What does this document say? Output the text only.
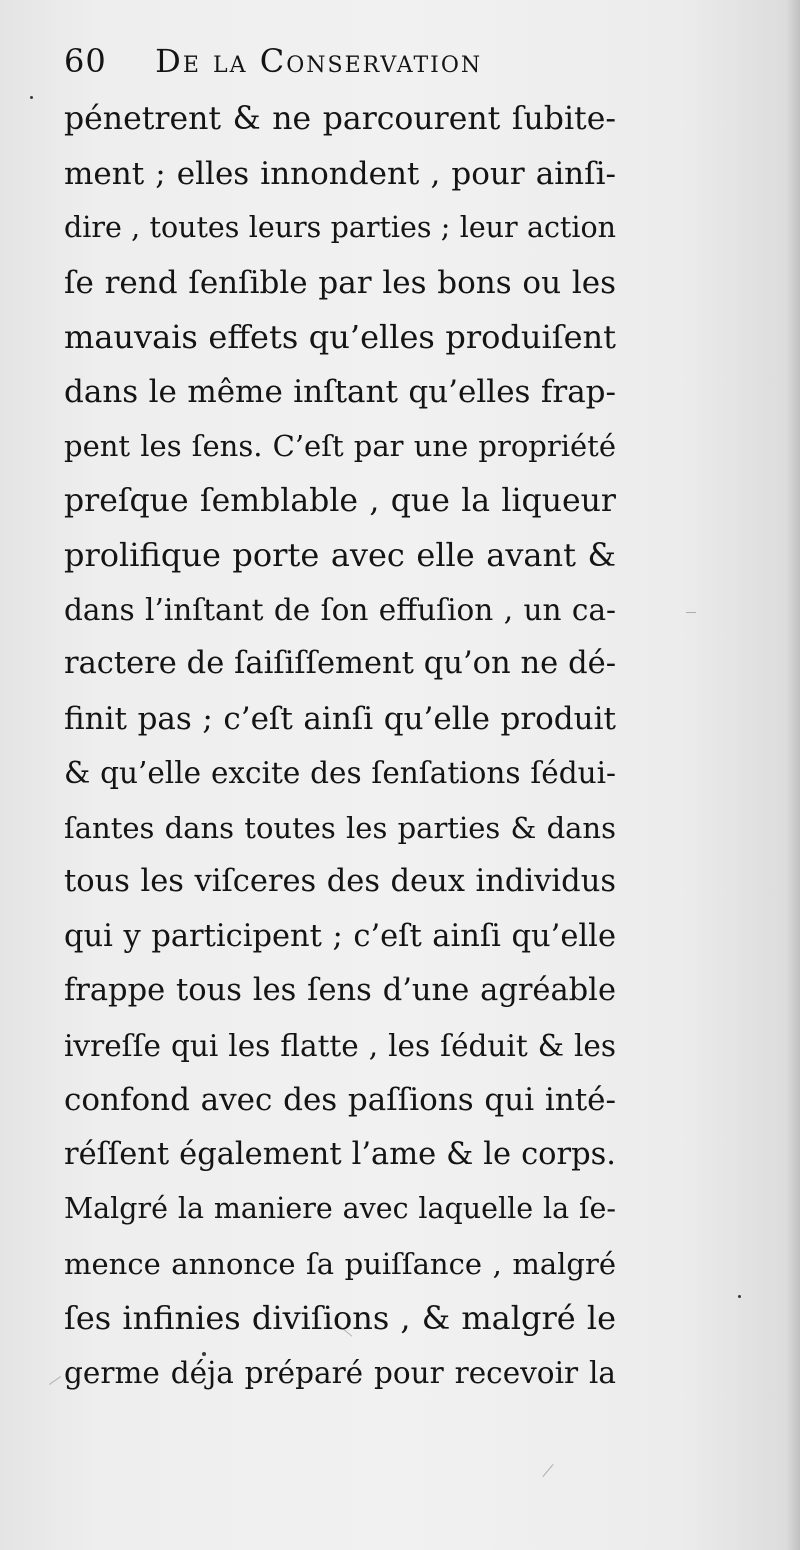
60 De la Conservation
pénetrent & ne parcourent ſubite-
ment ; elles innondent , pour ainſi-
dire , toutes leurs parties ; leur action
ſe rend ſenſible par les bons ou les
mauvais effets qu’elles produiſent
dans le même inſtant qu’elles frap-
pent les ſens. C’eſt par une propriété
preſque ſemblable , que la liqueur
prolifique porte avec elle avant &
dans l’inſtant de ſon effuſion , un ca-
ractere de ſaiſiſſement qu’on ne dé-
finit pas ; c’eſt ainſi qu’elle produit
& qu’elle excite des ſenſations ſédui-
ſantes dans toutes les parties & dans
tous les viſceres des deux individus
qui y participent ; c’eſt ainſi qu’elle
frappe tous les ſens d’une agréable
ivreſſe qui les flatte , les ſéduit & les
confond avec des paſſions qui inté-
réſſent également l’ame & le corps.
Malgré la maniere avec laquelle la ſe-
mence annonce ſa puiſſance , malgré
ſes infinies diviſions , & malgré le
germe déja préparé pour recevoir la
